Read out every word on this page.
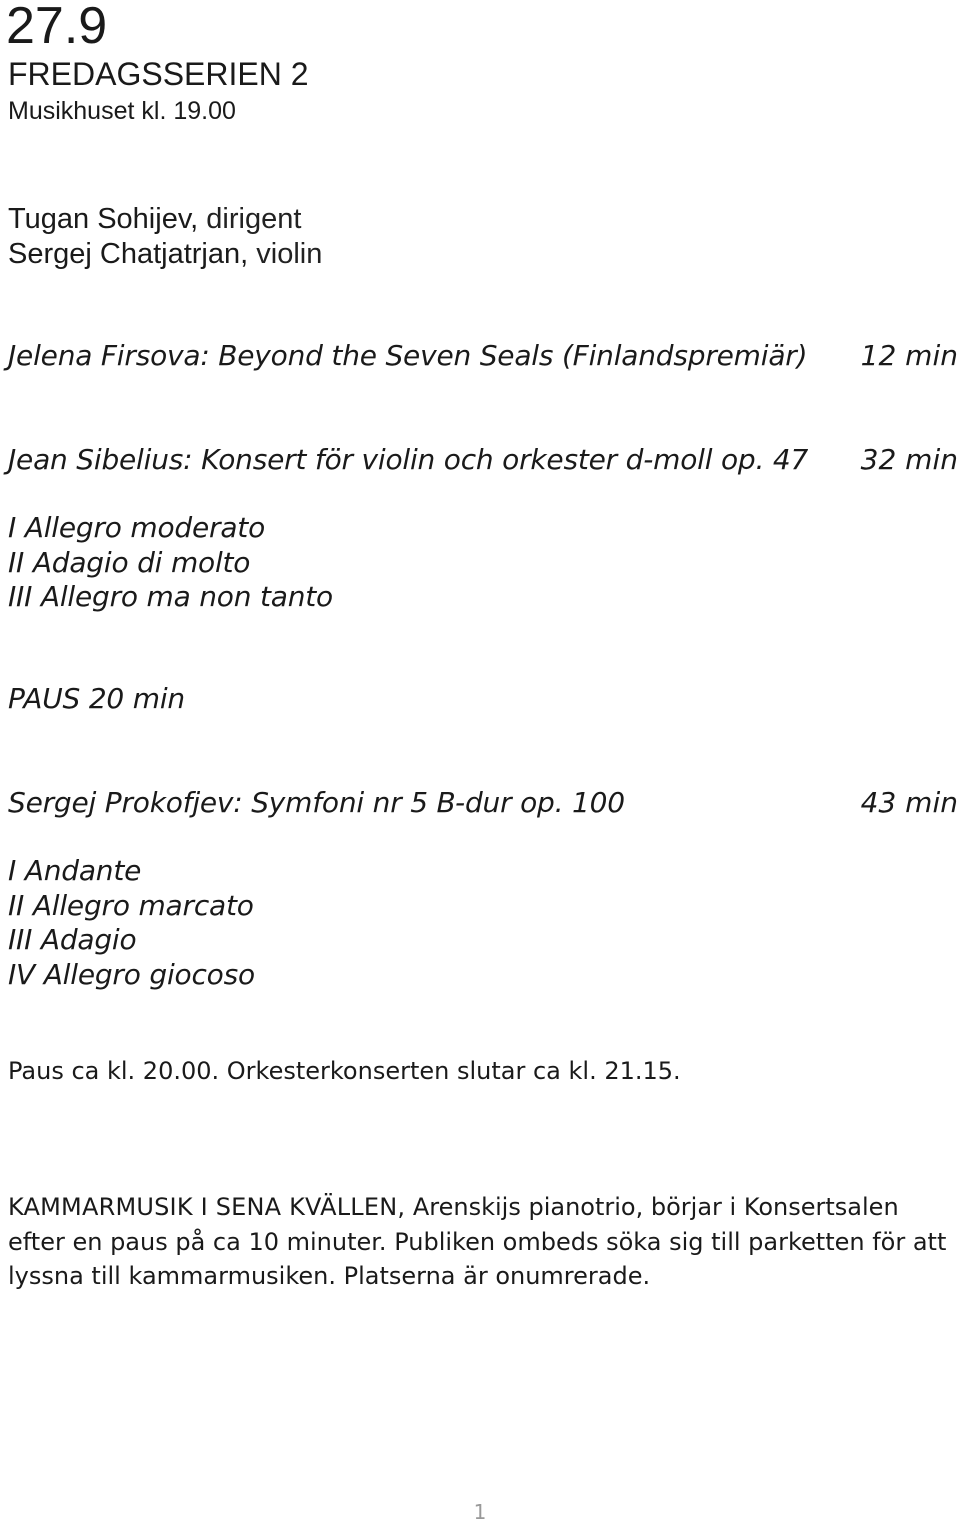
27.9
FREDAGSSERIEN 2
Musikhuset kl. 19.00
Tugan Sohijev, dirigent
Sergej Chatjatrjan, violin
Jelena Firsova: Beyond the Seven Seals (Finlandspremiär) 12 min
Jean Sibelius: Konsert för violin och orkester d-moll op. 47 32 min
I Allegro moderato
II Adagio di molto
III Allegro ma non tanto
PAUS 20 min
Sergej Prokofjev: Symfoni nr 5 B-dur op. 100	43 min
I Andante
II Allegro marcato
III Adagio
IV Allegro giocoso
Paus ca kl. 20.00. Orkesterkonserten slutar ca kl. 21.15.
KAMMARMUSIK I SENA KVÄLLEN, Arenskijs pianotrio, börjar i Konsertsalen efter en paus på ca 10 minuter. Publiken ombeds söka sig till parketten för att lyssna till kammarmusiken. Platserna är onumrerade.
1
